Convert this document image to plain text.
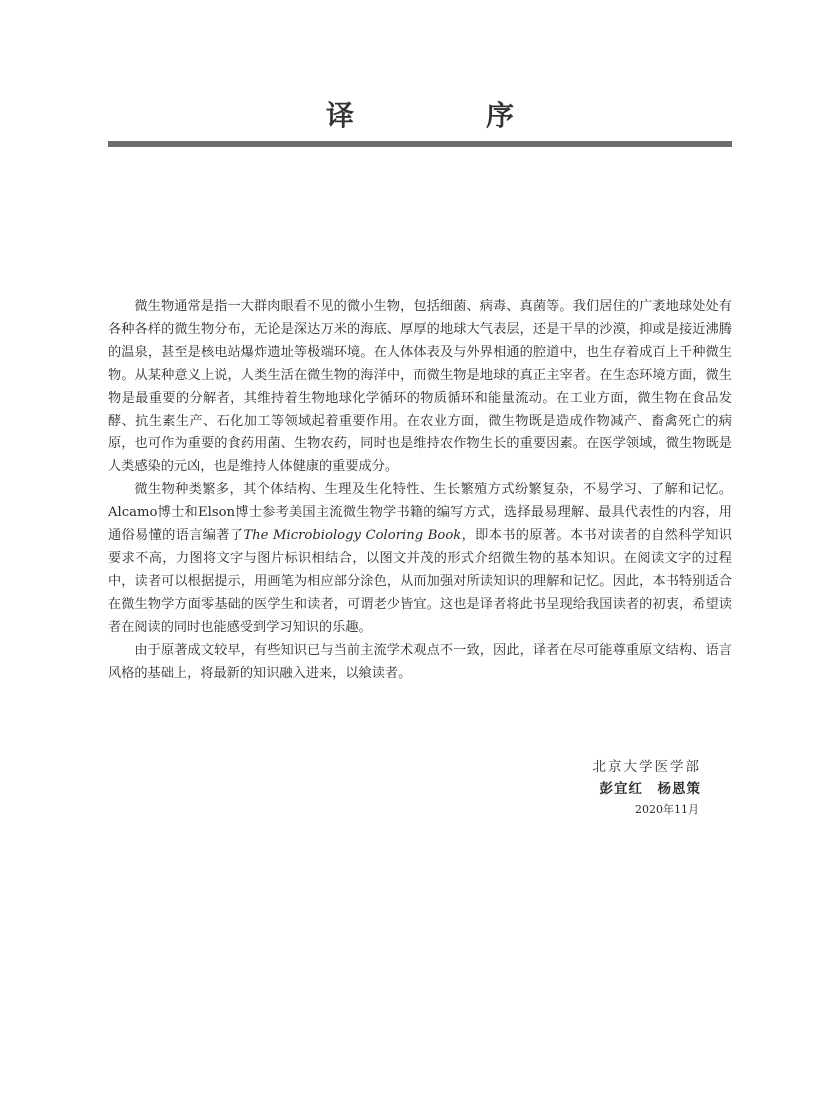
译　序

微生物通常是指一大群肉眼看不见的微小生物，包括细菌、病毒、真菌等。我们居住的广袤地球处处有各种各样的微生物分布，无论是深达万米的海底、厚厚的地球大气表层，还是干旱的沙漠，抑或是接近沸腾的温泉，甚至是核电站爆炸遗址等极端环境。在人体体表及与外界相通的腔道中，也生存着成百上千种微生物。从某种意义上说，人类生活在微生物的海洋中，而微生物是地球的真正主宰者。在生态环境方面，微生物是最重要的分解者，其维持着生物地球化学循环的物质循环和能量流动。在工业方面，微生物在食品发酵、抗生素生产、石化加工等领域起着重要作用。在农业方面，微生物既是造成作物减产、畜禽死亡的病原，也可作为重要的食药用菌、生物农药，同时也是维持农作物生长的重要因素。在医学领域，微生物既是人类感染的元凶，也是维持人体健康的重要成分。

微生物种类繁多，其个体结构、生理及生化特性、生长繁殖方式纷繁复杂，不易学习、了解和记忆。Alcamo博士和Elson博士参考美国主流微生物学书籍的编写方式，选择最易理解、最具代表性的内容，用通俗易懂的语言编著了The Microbiology Coloring Book，即本书的原著。本书对读者的自然科学知识要求不高，力图将文字与图片标识相结合，以图文并茂的形式介绍微生物的基本知识。在阅读文字的过程中，读者可以根据提示，用画笔为相应部分涂色，从而加强对所读知识的理解和记忆。因此，本书特别适合在微生物学方面零基础的医学生和读者，可谓老少皆宜。这也是译者将此书呈现给我国读者的初衷，希望读者在阅读的同时也能感受到学习知识的乐趣。

由于原著成文较早，有些知识已与当前主流学术观点不一致，因此，译者在尽可能尊重原文结构、语言风格的基础上，将最新的知识融入进来，以飨读者。

北京大学医学部
彭宜红　杨恩策
2020年11月
